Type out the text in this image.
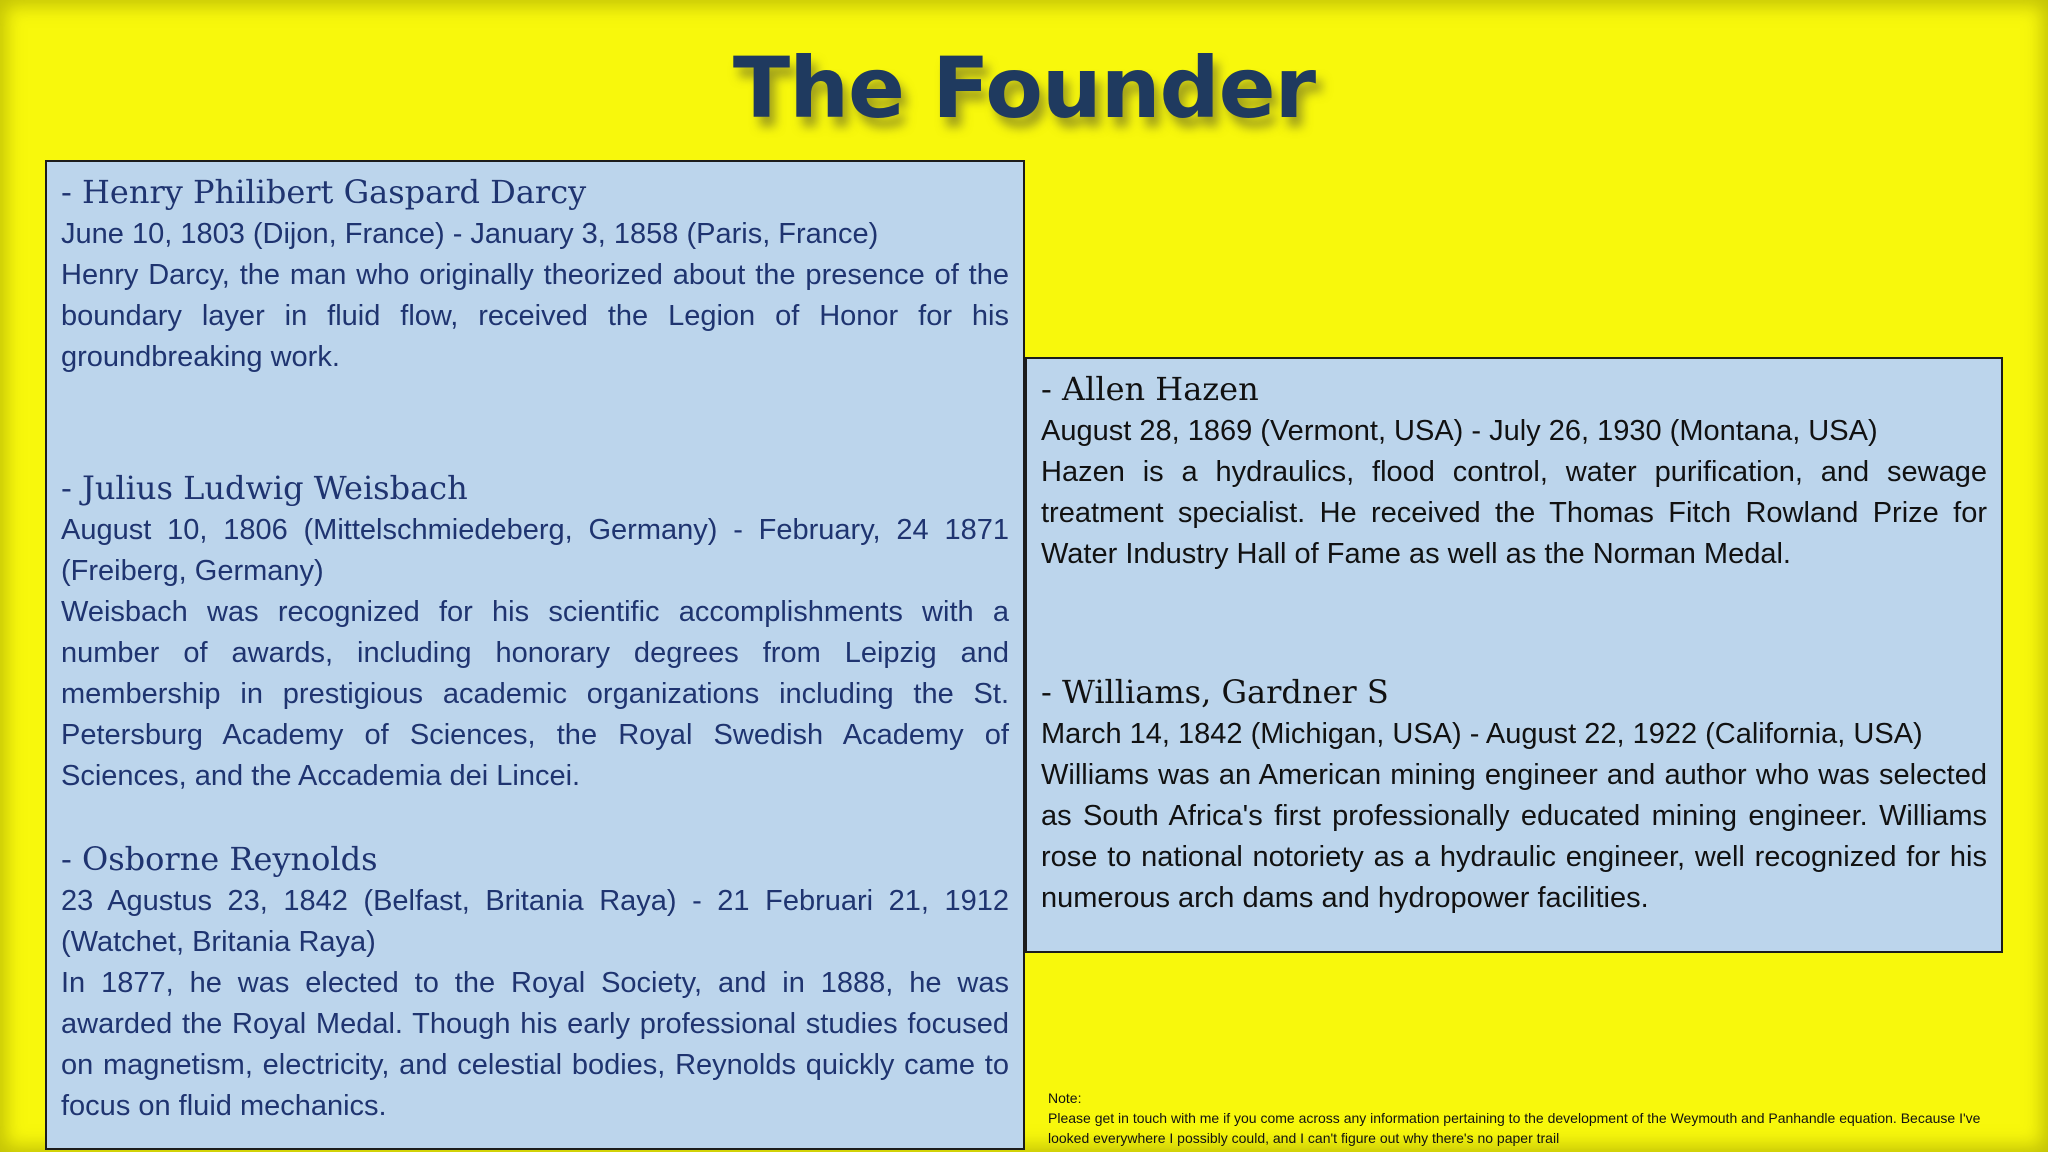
The Founder
- Henry Philibert Gaspard Darcy
June 10, 1803 (Dijon, France) - January 3, 1858 (Paris, France)
Henry Darcy, the man who originally theorized about the presence of the boundary layer in fluid flow, received the Legion of Honor for his groundbreaking work.
- Julius Ludwig Weisbach
August 10, 1806 (Mittelschmiedeberg, Germany) - February, 24 1871 (Freiberg, Germany)
Weisbach was recognized for his scientific accomplishments with a number of awards, including honorary degrees from Leipzig and membership in prestigious academic organizations including the St. Petersburg Academy of Sciences, the Royal Swedish Academy of Sciences, and the Accademia dei Lincei.
- Osborne Reynolds
23 Agustus 23, 1842 (Belfast, Britania Raya) - 21 Februari 21, 1912 (Watchet, Britania Raya)
In 1877, he was elected to the Royal Society, and in 1888, he was awarded the Royal Medal. Though his early professional studies focused on magnetism, electricity, and celestial bodies, Reynolds quickly came to focus on fluid mechanics.
- Allen Hazen
August 28, 1869 (Vermont, USA) - July 26, 1930 (Montana, USA)
Hazen is a hydraulics, flood control, water purification, and sewage treatment specialist. He received the Thomas Fitch Rowland Prize for Water Industry Hall of Fame as well as the Norman Medal.
- Williams, Gardner S
March 14, 1842 (Michigan, USA) - August 22, 1922 (California, USA)
Williams was an American mining engineer and author who was selected as South Africa's first professionally educated mining engineer. Williams rose to national notoriety as a hydraulic engineer, well recognized for his numerous arch dams and hydropower facilities.
Note:
Please get in touch with me if you come across any information pertaining to the development of the Weymouth and Panhandle equation. Because I've looked everywhere I possibly could, and I can't figure out why there's no paper trail
